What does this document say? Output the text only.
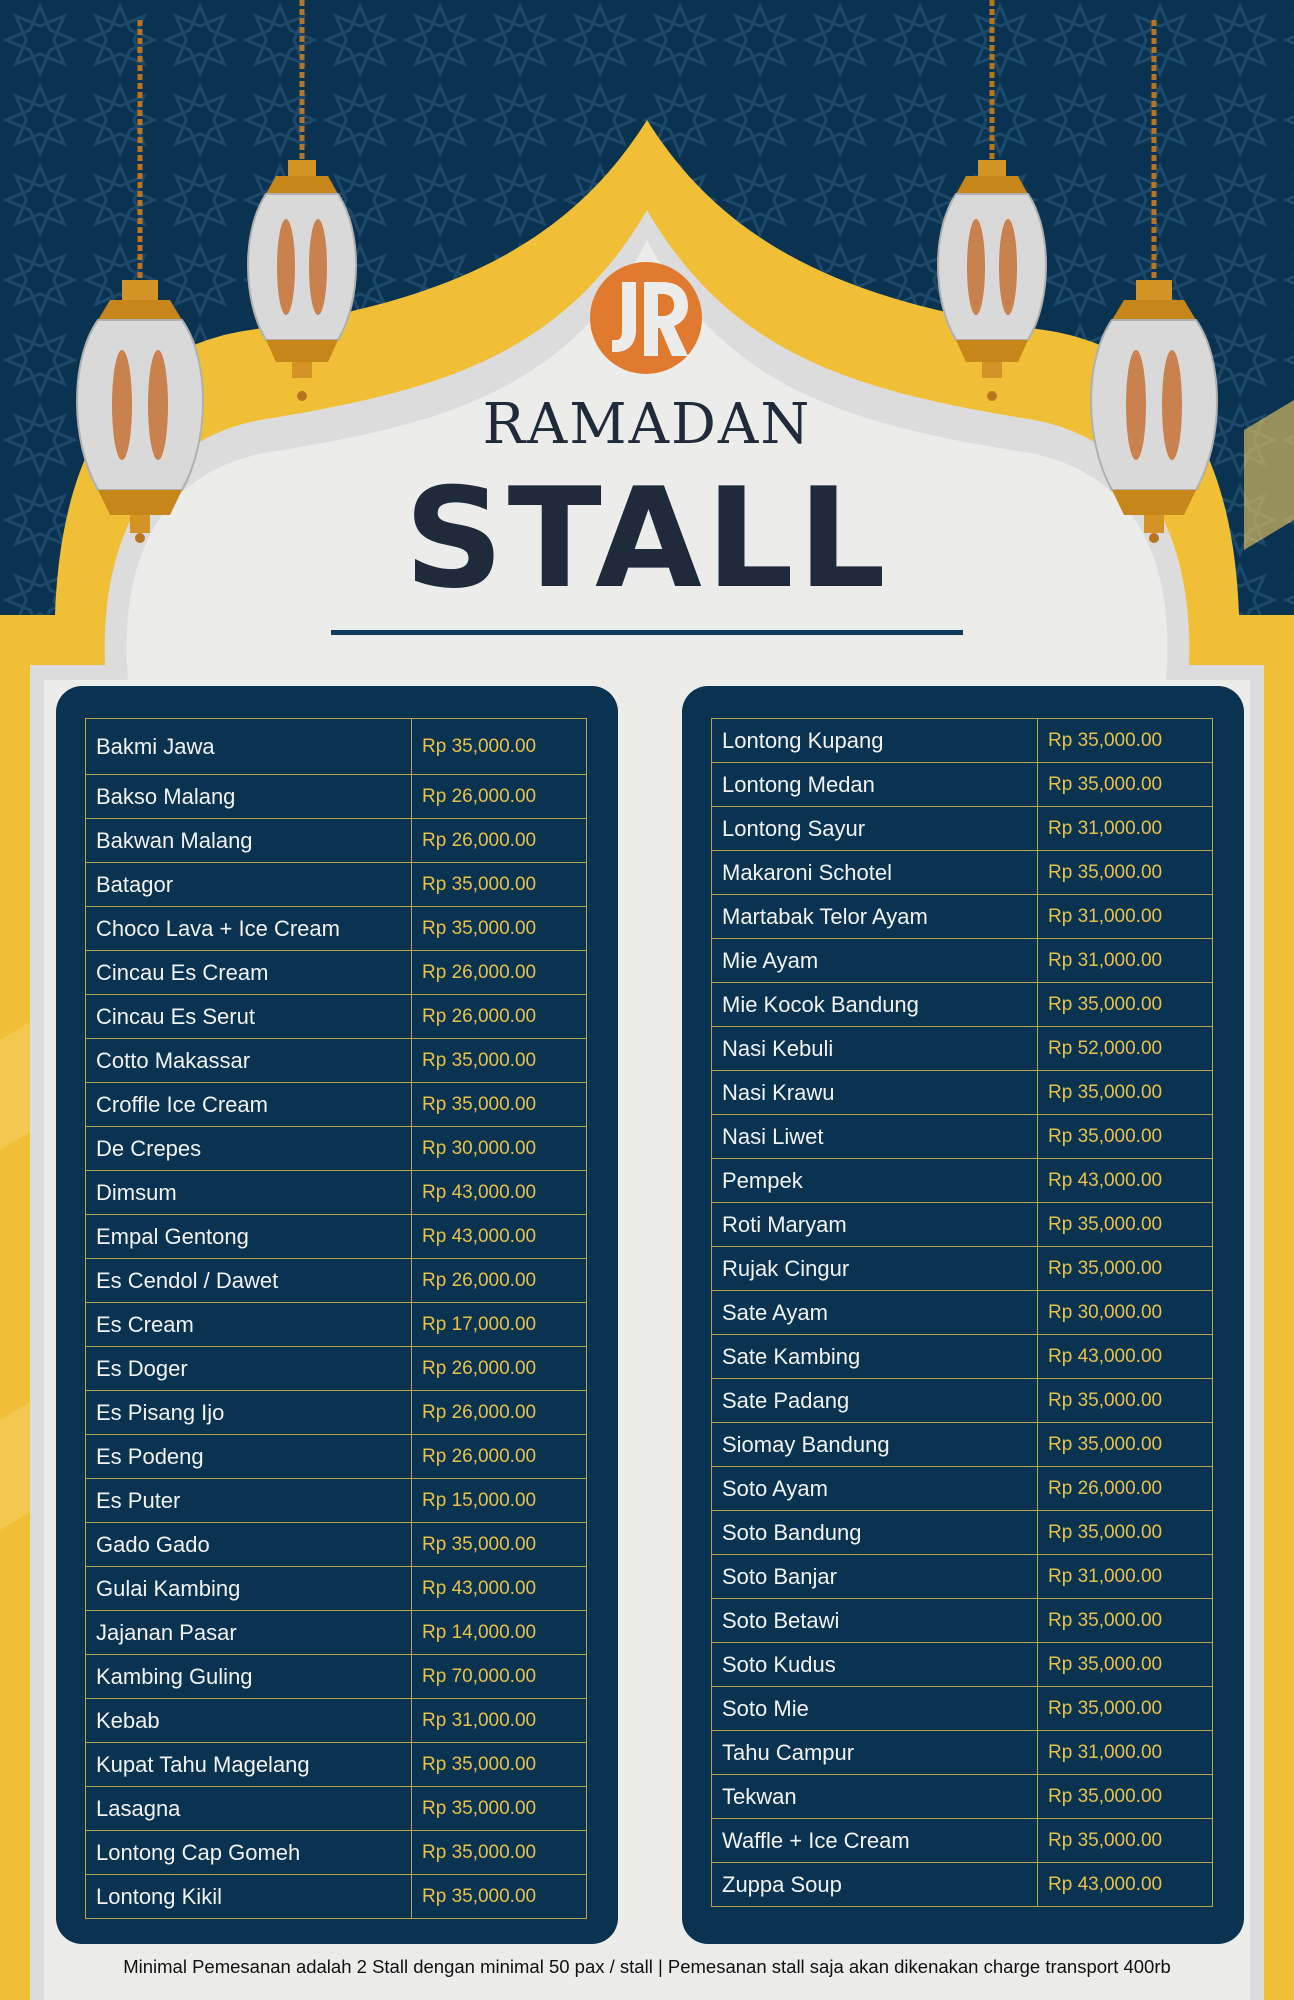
RAMADAN
STALL
Bakmi Jawa	Rp 35,000.00
Bakso Malang	Rp 26,000.00
Bakwan Malang	Rp 26,000.00
Batagor	Rp 35,000.00
Choco Lava + Ice Cream	Rp 35,000.00
Cincau Es Cream	Rp 26,000.00
Cincau Es Serut	Rp 26,000.00
Cotto Makassar	Rp 35,000.00
Croffle Ice Cream	Rp 35,000.00
De Crepes	Rp 30,000.00
Dimsum	Rp 43,000.00
Empal Gentong	Rp 43,000.00
Es Cendol / Dawet	Rp 26,000.00
Es Cream	Rp 17,000.00
Es Doger	Rp 26,000.00
Es Pisang Ijo	Rp 26,000.00
Es Podeng	Rp 26,000.00
Es Puter	Rp 15,000.00
Gado Gado	Rp 35,000.00
Gulai Kambing	Rp 43,000.00
Jajanan Pasar	Rp 14,000.00
Kambing Guling	Rp 70,000.00
Kebab	Rp 31,000.00
Kupat Tahu Magelang	Rp 35,000.00
Lasagna	Rp 35,000.00
Lontong Cap Gomeh	Rp 35,000.00
Lontong Kikil	Rp 35,000.00
Lontong Kupang	Rp 35,000.00
Lontong Medan	Rp 35,000.00
Lontong Sayur	Rp 31,000.00
Makaroni Schotel	Rp 35,000.00
Martabak Telor Ayam	Rp 31,000.00
Mie Ayam	Rp 31,000.00
Mie Kocok Bandung	Rp 35,000.00
Nasi Kebuli	Rp 52,000.00
Nasi Krawu	Rp 35,000.00
Nasi Liwet	Rp 35,000.00
Pempek	Rp 43,000.00
Roti Maryam	Rp 35,000.00
Rujak Cingur	Rp 35,000.00
Sate Ayam	Rp 30,000.00
Sate Kambing	Rp 43,000.00
Sate Padang	Rp 35,000.00
Siomay Bandung	Rp 35,000.00
Soto Ayam	Rp 26,000.00
Soto Bandung	Rp 35,000.00
Soto Banjar	Rp 31,000.00
Soto Betawi	Rp 35,000.00
Soto Kudus	Rp 35,000.00
Soto Mie	Rp 35,000.00
Tahu Campur	Rp 31,000.00
Tekwan	Rp 35,000.00
Waffle + Ice Cream	Rp 35,000.00
Zuppa Soup	Rp 43,000.00
Minimal Pemesanan adalah 2 Stall dengan minimal 50 pax / stall | Pemesanan stall saja akan dikenakan charge transport 400rb
